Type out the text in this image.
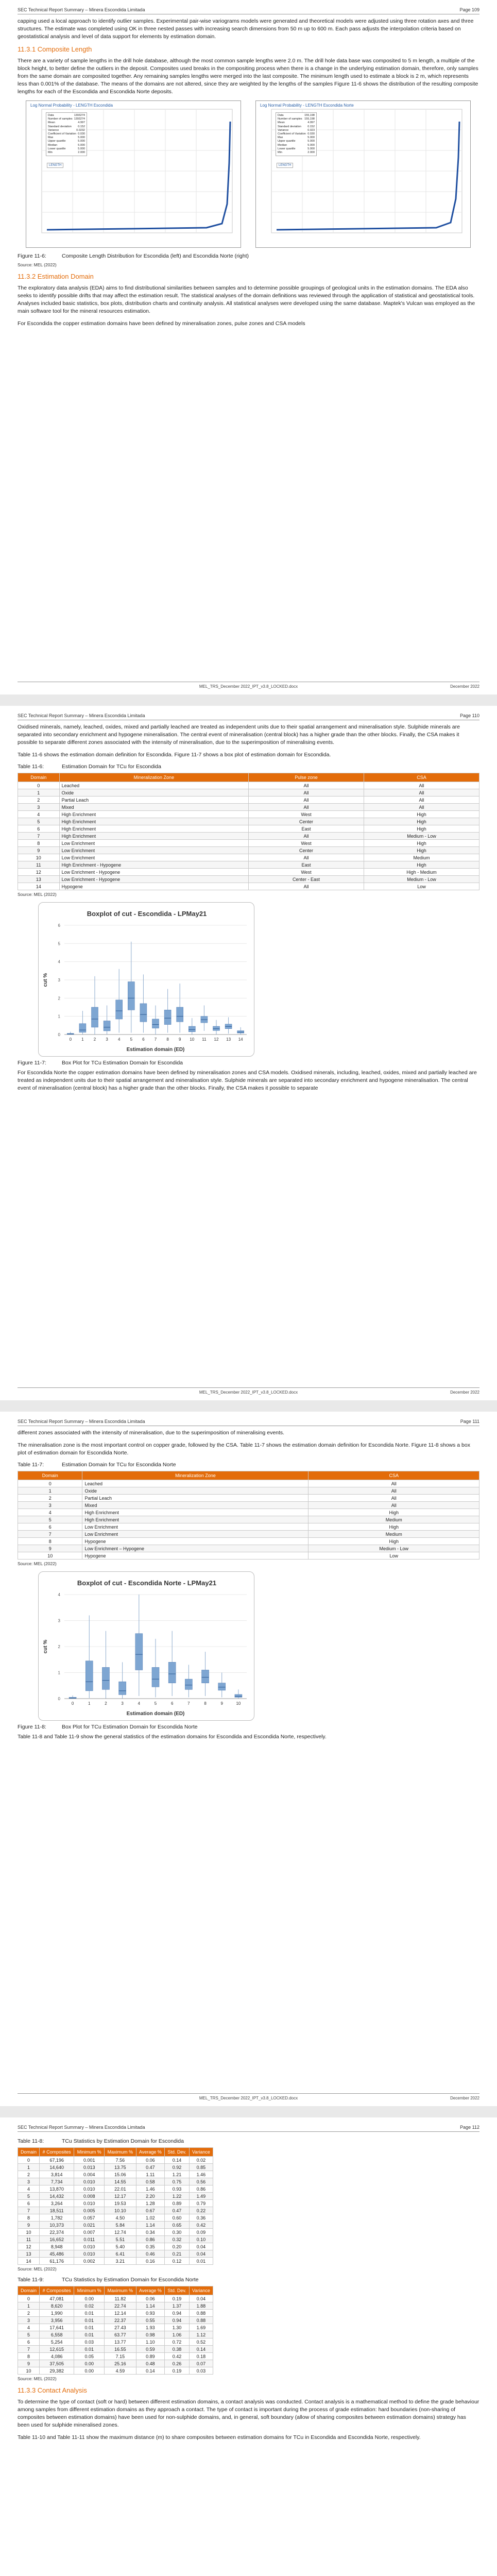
SEC Technical Report Summary – Minera Escondida Limitada	Page 109

capping used a local approach to identify outlier samples. Experimental pair-wise variograms models were generated and theoretical models were adjusted using three rotation axes and three structures. The estimate was completed using OK in three nested passes with increasing search dimensions from 50 m up to 600 m. Each pass adjusts the interpolation criteria based on geostatistical analysis and level of data support for elements by estimation domain.

11.3.1 Composite Length

There are a variety of sample lengths in the drill hole database, although the most common sample lengths were 2.0 m. The drill hole data base was composited to 5 m length, a multiple of the block height, to better define the outliers in the deposit. Composites used breaks in the compositing process when there is a change in the underlying estimation domain, therefore, only samples from the same domain are composited together. Any remaining samples lengths were merged into the last composite. The minimum length used to estimate a block is 2 m, which represents less than 0.001% of the database. The means of the domains are not altered, since they are weighted by the lengths of the samples Figure 11-6 shows the distribution of the resulting composite lengths for each of the Escondida and Escondida Norte deposits.

Log Normal Probability - LENGTH Escondida
Data	1393274
Number of samples 1393274
Mean	4.997
Standard deviation 0.152
Variance	0.0232
Coefficient of Variation 0.030
Max	5.000
Upper quartile	5.000
Median	5.000
Lower quartile	5.000
Min	2.000
LENGTH
Log Normal Probability - LENGTH Escondida Norte
Data	155,198
Number of samples 155,198
Mean	4.997
Standard deviation 0.152
Variance	0.023
Coefficient of Variation 0.030
Max	5.000
Upper quartile	5.000
Median	5.000
Lower quartile	5.000
Min	2.000
LENGTH
Figure 11-6:	Composite Length Distribution for Escondida (left) and Escondida Norte (right)
Source: MEL (2022)
11.3.2 Estimation Domain

The exploratory data analysis (EDA) aims to find distributional similarities between samples and to determine possible groupings of geological units in the estimation domains. The EDA also seeks to identify possible drifts that may affect the estimation result. The statistical analyses of the domain definitions was reviewed through the application of statistical and geostatistical tools. Analyses included basic statistics, box plots, distribution charts and continuity analysis. All statistical analyses were developed using the same database. Maptek's Vulcan was employed as the main software tool for the mineral resources estimation.

For Escondida the copper estimation domains have been defined by mineralisation zones, pulse zones and CSA models

MEL_TRS_December 2022_IPT_v3.8_LOCKED.docx	December 2022
SEC Technical Report Summary – Minera Escondida Limitada	Page 110

Oxidised minerals, namely, leached, oxides, mixed and partially leached are treated as independent units due to their spatial arrangement and mineralisation style. Sulphide minerals are separated into secondary enrichment and hypogene mineralisation. The central event of mineralisation (central block) has a higher grade than the other blocks. Finally, the CSA makes it possible to separate different zones associated with the intensity of mineralisation, due to the superimposition of mineralising events.

Table 11-6 shows the estimation domain definition for Escondida. Figure 11-7 shows a box plot of estimation domain for Escondida.

Table 11-6:	Estimation Domain for TCu for Escondida
Domain	Mineralization Zone	Pulse zone	CSA
0	Leached	All	All
1	Oxide	All	All
2	Partial Leach	All	All
3	Mixed	All	All
4	High Enrichment	West	High
5	High Enrichment	Center	High
6	High Enrichment	East	High
7	High Enrichment	All	Medium - Low
8	Low Enrichment	West	High
9	Low Enrichment	Center	High
10	Low Enrichment	All	Medium
11	High Enrichment - Hypogene	East	High
12	Low Enrichment - Hypogene	West	High - Medium
13	Low Enrichment - Hypogene	Center - East	Medium - Low
14	Hypogene	All	Low
Source: MEL (2022)
Boxplot of cut - Escondida - LPMay21
0
1
2
3
4
5
6
cut %
Estimation domain (ED)
0 1 2 3 4 5 6 7 8 9 10 11 12 13 14
Figure 11-7:	Box Plot for TCu Estimation Domain for Escondida

For Escondida Norte the copper estimation domains have been defined by mineralisation zones and CSA models. Oxidised minerals, including, leached, oxides, mixed and partially leached are treated as independent units due to their spatial arrangement and mineralisation style. Sulphide minerals are separated into secondary enrichment and hypogene mineralisation. The central event of mineralisation (central block) has a higher grade than the other blocks. Finally, the CSA makes it possible to separate

MEL_TRS_December 2022_IPT_v3.8_LOCKED.docx	December 2022
SEC Technical Report Summary – Minera Escondida Limitada	Page 111

different zones associated with the intensity of mineralisation, due to the superimposition of mineralising events.

The mineralisation zone is the most important control on copper grade, followed by the CSA. Table 11-7 shows the estimation domain definition for Escondida Norte. Figure 11-8 shows a box plot of estimation domain for Escondida Norte.

Table 11-7:	Estimation Domain for TCu for Escondida Norte
Domain	Mineralization Zone	CSA
0	Leached	All
1	Oxide	All
2	Partial Leach	All
3	Mixed	All
4	High Enrichment	High
5	High Enrichment	Medium
6	Low Enrichment	High
7	Low Enrichment	Medium
8	Hypogene	High
9	Low Enrichment – Hypogene	Medium - Low
10	Hypogene	Low
Source: MEL (2022)
Boxplot of cut - Escondida Norte - LPMay21
0
1
2
3
4
cut %
Estimation domain (ED)
0	1	2	3	4	5	6	7	8	9	10
Figure 11-8:	Box Plot for TCu Estimation Domain for Escondida Norte

Table 11-8 and Table 11-9 show the general statistics of the estimation domains for Escondida and Escondida Norte, respectively.

MEL_TRS_December 2022_IPT_v3.8_LOCKED.docx	December 2022
SEC Technical Report Summary – Minera Escondida Limitada	Page 112
Table 11-8:	TCu Statistics by Estimation Domain for Escondida
Domain	# Composites	Minimum %	Maximum %	Average %	Std. Dev.	Variance
0	67,196	0.001	7.56	0.06	0.14	0.02
1	14,640	0.013	13.75	0.47	0.92	0.85
2	3,814	0.004	15.06	1.11	1.21	1.46
3	7,734	0.010	14.55	0.58	0.75	0.56
4	13,870	0.010	22.01	1.46	0.93	0.86
5	14,432	0.008	12.17	2.20	1.22	1.49
6	3,264	0.010	19.53	1.28	0.89	0.79
7	18,511	0.005	10.10	0.67	0.47	0.22
8	1,782	0.057	4.50	1.02	0.60	0.36
9	10,373	0.021	5.84	1.14	0.65	0.42
10	22,374	0.007	12.74	0.34	0.30	0.09
11	16,652	0.011	5.51	0.86	0.32	0.10
12	8,948	0.010	5.40	0.35	0.20	0.04
13	45,486	0.010	6.41	0.46	0.21	0.04
14	61,176	0.002	3.21	0.16	0.12	0.01
Source: MEL (2022)
Table 11-9:	TCu Statistics by Estimation Domain for Escondida Norte
Domain	# Composites	Minimum %	Maximum %	Average %	Std. Dev.	Variance
0	47,081	0.00	11.82	0.06	0.19	0.04
1	8,620	0.02	22.74	1.14	1.37	1.88
2	1,990	0.01	12.14	0.93	0.94	0.88
3	3,956	0.01	22.37	0.55	0.94	0.88
4	17,641	0.01	27.43	1.93	1.30	1.69
5	6,558	0.01	63.77	0.98	1.06	1.12
6	5,254	0.03	13.77	1.10	0.72	0.52
7	12,615	0.01	16.55	0.59	0.38	0.14
8	4,086	0.05	7.15	0.89	0.42	0.18
9	37,505	0.00	25.16	0.48	0.26	0.07
10	29,382	0.00	4.59	0.14	0.19	0.03
Source: MEL (2022)
11.3.3 Contact Analysis

To determine the type of contact (soft or hard) between different estimation domains, a contact analysis was conducted. Contact analysis is a mathematical method to define the grade behaviour among samples from different estimation domains as they approach a contact. The type of contact is important during the process of grade estimation: hard boundaries (non-sharing of composites between estimation domains) have been used for non-sulphide domains, and, in general, soft boundary (allow of sharing composites between estimation domains) strategy has been used for sulphide mineralised zones.

Table 11-10 and Table 11-11 show the maximum distance (m) to share composites between estimation domains for TCu in Escondida and Escondida Norte, respectively.
